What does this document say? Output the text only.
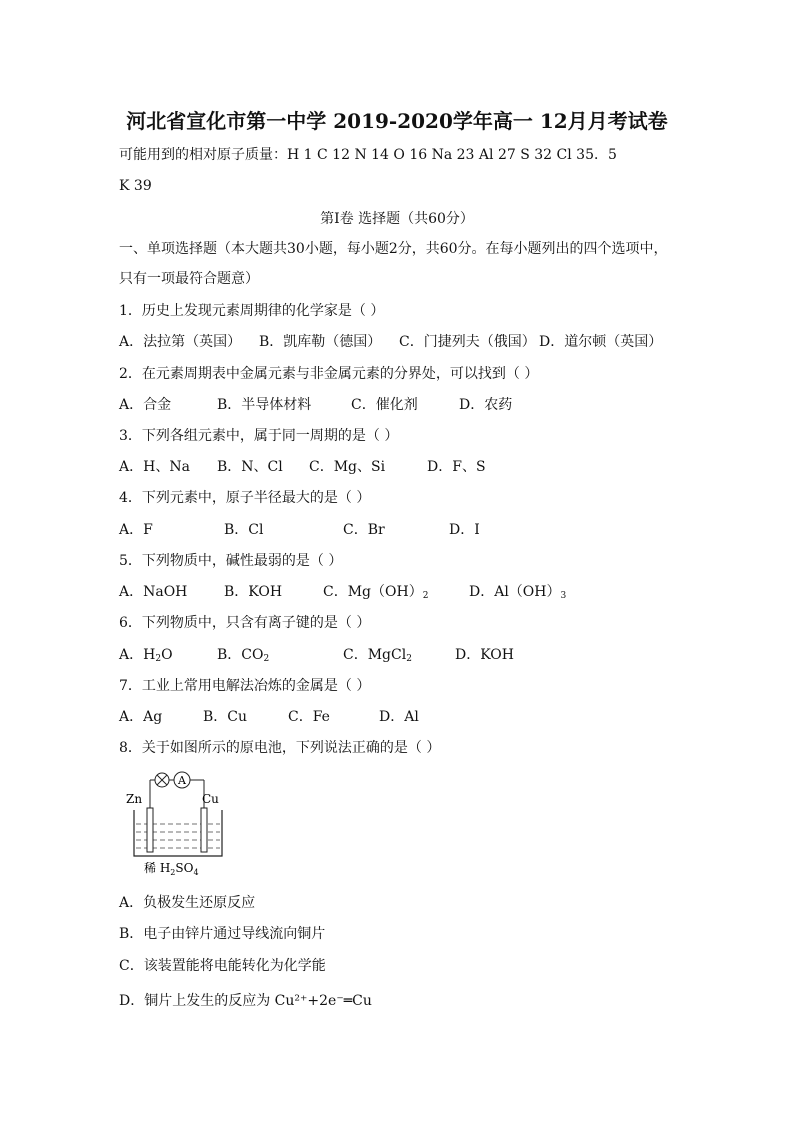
河北省宣化市第一中学 2019-2020学年高一 12月月考试卷
可能用到的相对原子质量：H 1 C 12 N 14 O 16 Na 23 Al 27 S 32 Cl 35．5
K 39
第Ⅰ卷 选择题（共60分）
一、单项选择题（本大题共30小题，每小题2分，共60分。在每小题列出的四个选项中，
只有一项最符合题意）
1．历史上发现元素周期律的化学家是（ ）
A．法拉第（英国） B．凯库勒（德国） C．门捷列夫（俄国） D．道尔顿（英国）
2．在元素周期表中金属元素与非金属元素的分界处，可以找到（ ）
A．合金	B．半导体材料	C．催化剂	D．农药
3．下列各组元素中，属于同一周期的是（ ）
A．H、Na B．N、Cl C．Mg、Si	D．F、S
4．下列元素中，原子半径最大的是（ ）
A．F	B．Cl	C．Br	D．I
5．下列物质中，碱性最弱的是（ ）
A．NaOH	B．KOH	C．$Mg(OH)_2$	D．$Al(OH)_3$
6．下列物质中，只含有离子键的是（ ）
A．$H_2O$	B．$CO_2$	C．MgCl$_2$	D．KOH
7．工业上常用电解法冶炼的金属是（ ）
A．Ag	B．Cu	C．Fe	D．Al
8．关于如图所示的原电池，下列说法正确的是（ ）
A
Zn	Cu
稀 $H_2SO_4$
A．负极发生还原反应
B．电子由锌片通过导线流向铜片
C．该装置能将电能转化为化学能
D．铜片上发生的反应为 Cu²⁺+2e⁻═Cu
